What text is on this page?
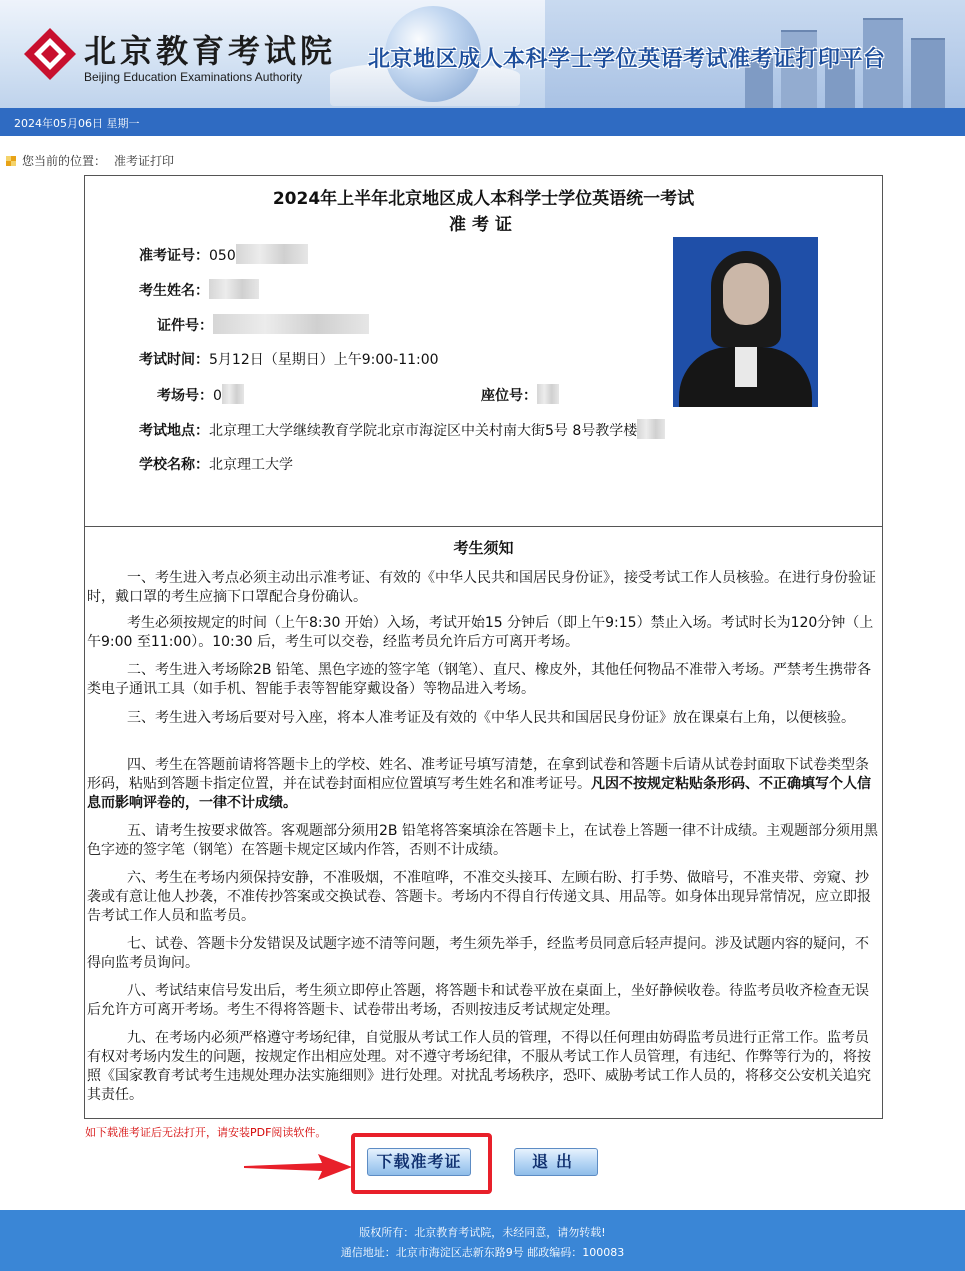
北京教育考试院
Beijing Education Examinations Authority
北京地区成人本科学士学位英语考试准考证打印平台
2024年05月06日 星期一
您当前的位置： 准考证打印
2024年上半年北京地区成人本科学士学位英语统一考试
准考证
准考证号：050
考生姓名：
证件号：
考试时间：5月12日（星期日）上午9:00-11:00
考场号：0	座位号：
考试地点：北京理工大学继续教育学院北京市海淀区中关村南大街5号 8号教学楼
学校名称：北京理工大学
考生须知

一、考生进入考点必须主动出示准考证、有效的《中华人民共和国居民身份证》，接受考试工作人员核验。在进行身份验证时，戴口罩的考生应摘下口罩配合身份确认。

考生必须按规定的时间（上午8:30 开始）入场，考试开始15 分钟后（即上午9:15）禁止入场。考试时长为120分钟（上午9:00 至11:00）。10:30 后，考生可以交卷，经监考员允许后方可离开考场。

二、考生进入考场除2B 铅笔、黑色字迹的签字笔（钢笔）、直尺、橡皮外，其他任何物品不准带入考场。严禁考生携带各类电子通讯工具（如手机、智能手表等智能穿戴设备）等物品进入考场。

三、考生进入考场后要对号入座，将本人准考证及有效的《中华人民共和国居民身份证》放在课桌右上角，以便核验。

四、考生在答题前请将答题卡上的学校、姓名、准考证号填写清楚，在拿到试卷和答题卡后请从试卷封面取下试卷类型条形码，粘贴到答题卡指定位置，并在试卷封面相应位置填写考生姓名和准考证号。凡因不按规定粘贴条形码、不正确填写个人信息而影响评卷的，一律不计成绩。

五、请考生按要求做答。客观题部分须用2B 铅笔将答案填涂在答题卡上，在试卷上答题一律不计成绩。主观题部分须用黑色字迹的签字笔（钢笔）在答题卡规定区域内作答，否则不计成绩。

六、考生在考场内须保持安静，不准吸烟，不准喧哗，不准交头接耳、左顾右盼、打手势、做暗号，不准夹带、旁窥、抄袭或有意让他人抄袭，不准传抄答案或交换试卷、答题卡。考场内不得自行传递文具、用品等。如身体出现异常情况，应立即报告考试工作人员和监考员。

七、试卷、答题卡分发错误及试题字迹不清等问题，考生须先举手，经监考员同意后轻声提问。涉及试题内容的疑问，不得向监考员询问。

八、考试结束信号发出后，考生须立即停止答题，将答题卡和试卷平放在桌面上，坐好静候收卷。待监考员收齐检查无误后允许方可离开考场。考生不得将答题卡、试卷带出考场，否则按违反考试规定处理。

九、在考场内必须严格遵守考场纪律，自觉服从考试工作人员的管理，不得以任何理由妨碍监考员进行正常工作。监考员有权对考场内发生的问题，按规定作出相应处理。对不遵守考场纪律，不服从考试工作人员管理，有违纪、作弊等行为的，将按照《国家教育考试考生违规处理办法实施细则》进行处理。对扰乱考场秩序，恐吓、威胁考试工作人员的，将移交公安机关追究其责任。

如下载准考证后无法打开，请安装PDF阅读软件。
下载准考证	退出
版权所有：北京教育考试院，未经同意，请勿转载!
通信地址：北京市海淀区志新东路9号 邮政编码：100083
